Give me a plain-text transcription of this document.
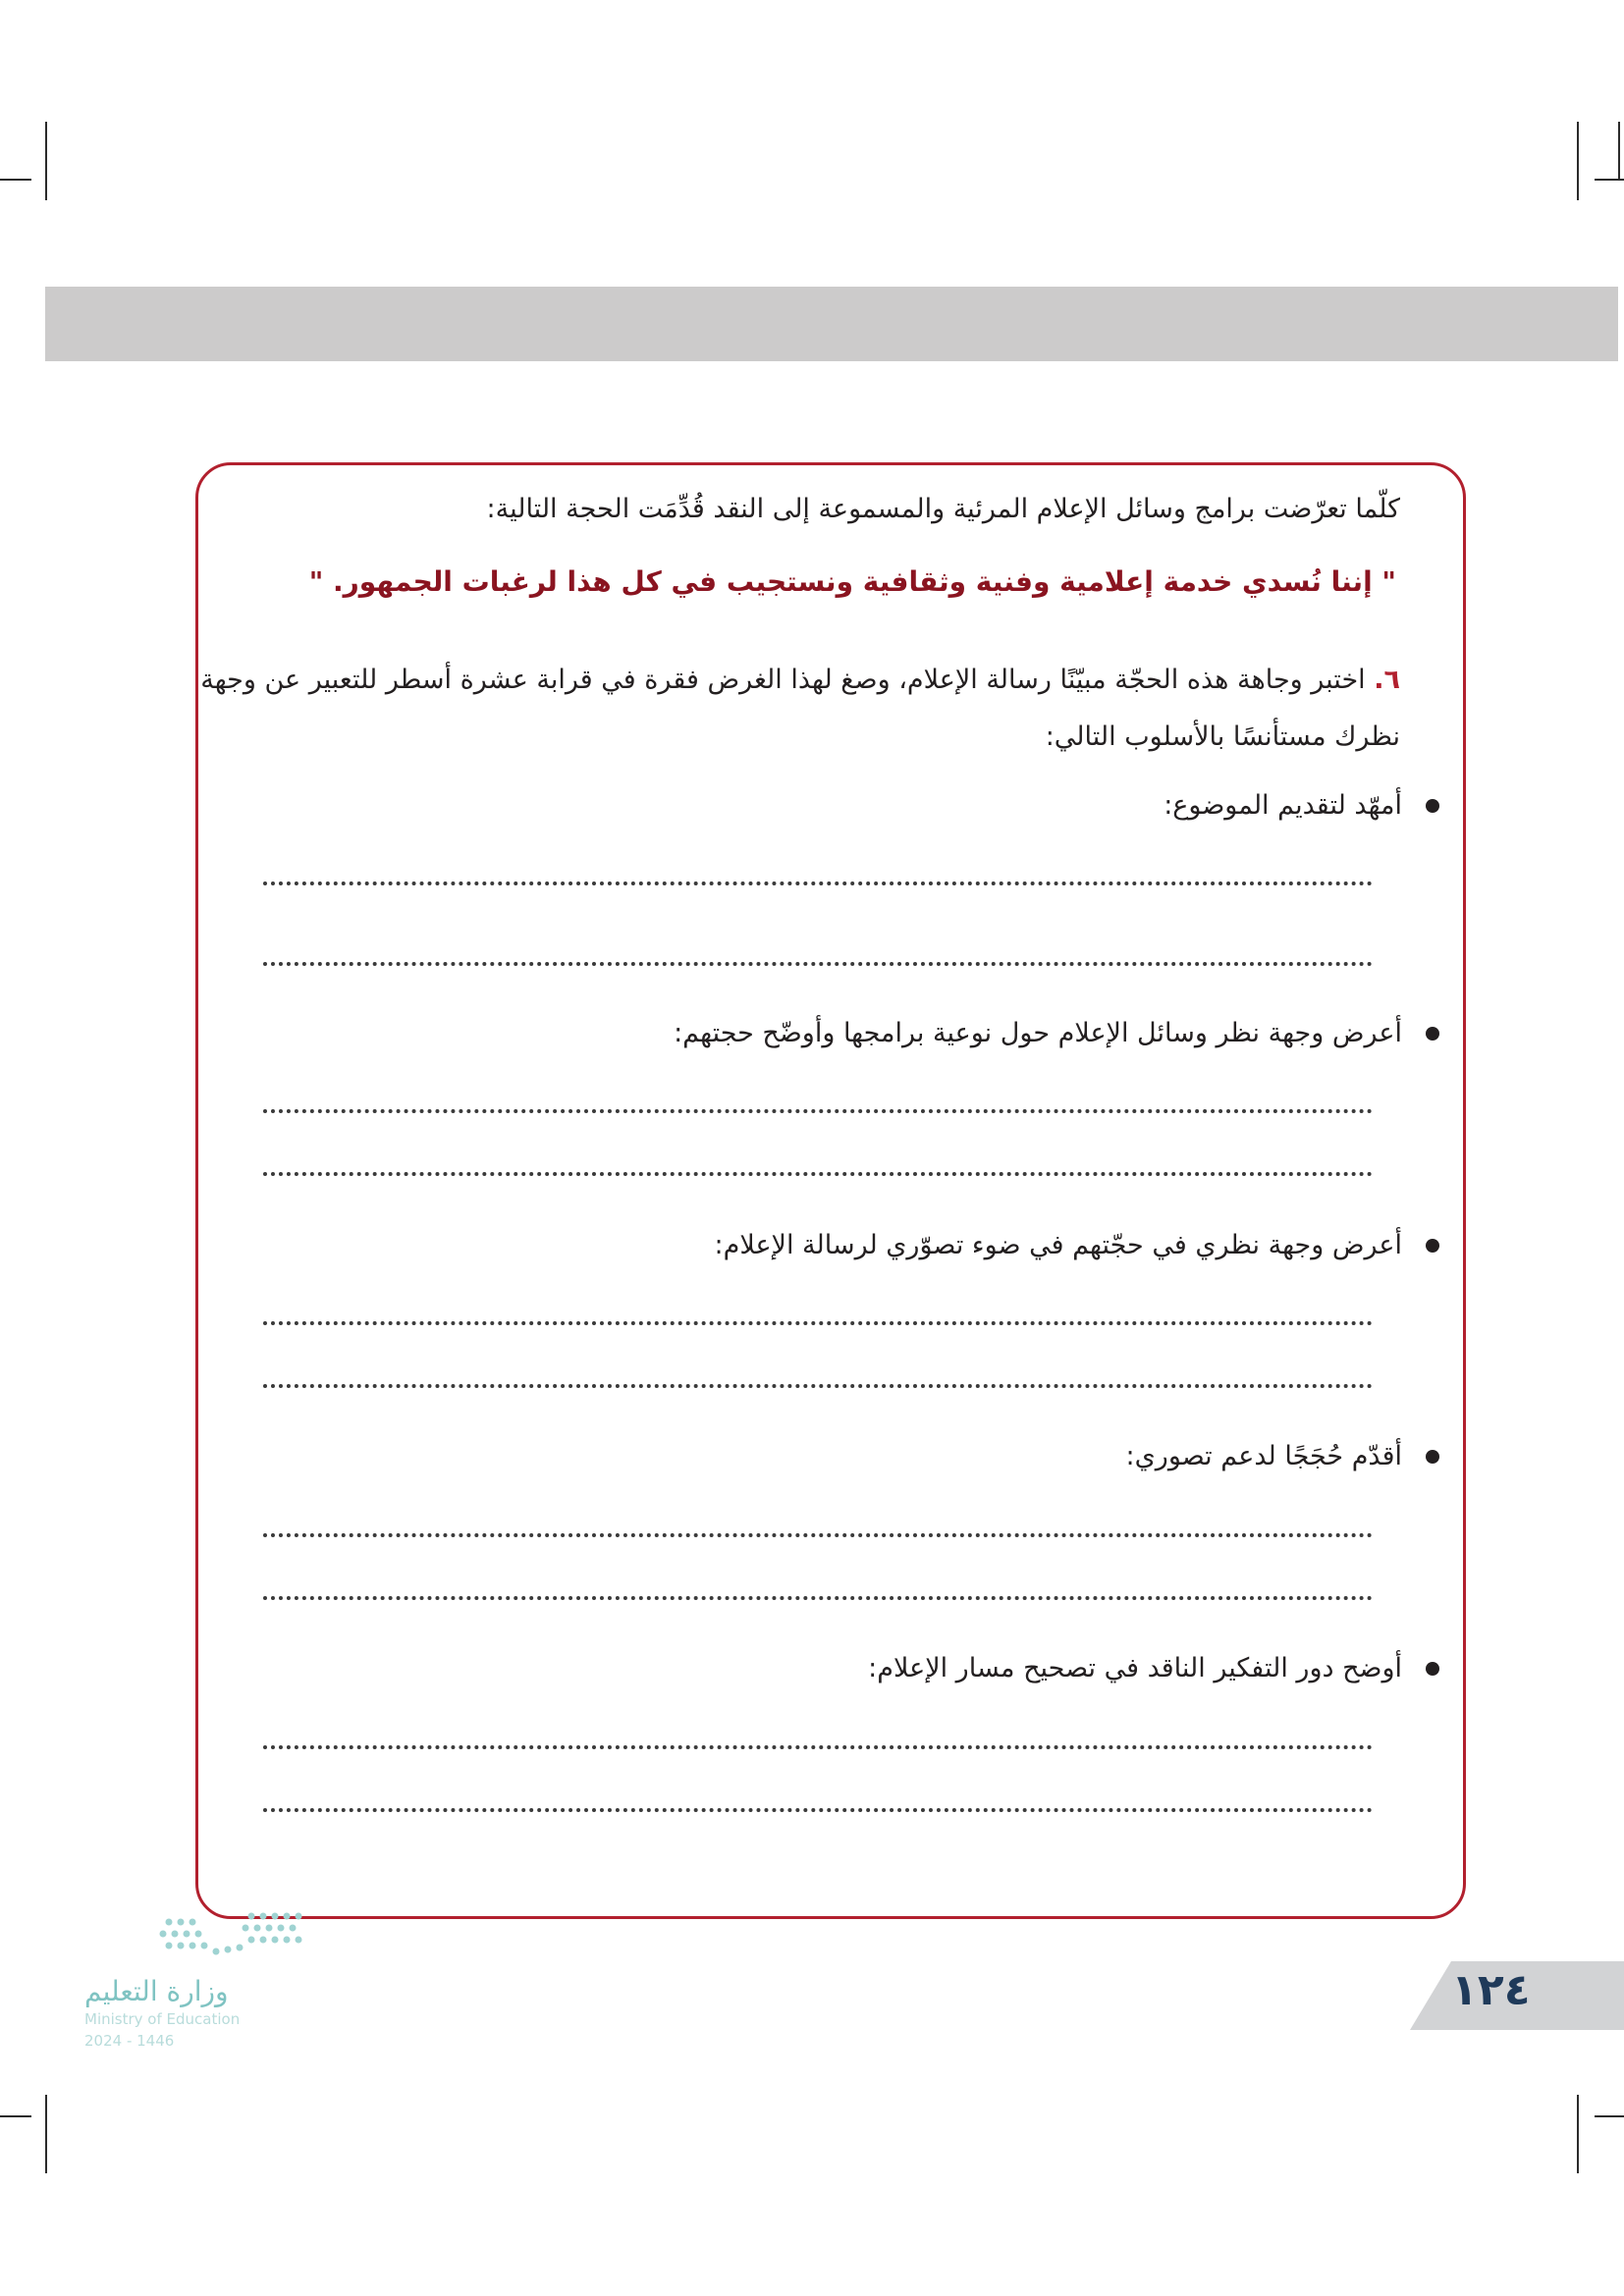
كلّما تعرّضت برامج وسائل الإعلام المرئية والمسموعة إلى النقد قُدِّمَت الحجة التالية:
" إننا نُسدي خدمة إعلامية وفنية وثقافية ونستجيب في كل هذا لرغبات الجمهور. "
٦. اختبر وجاهة هذه الحجّة مبيّنًا رسالة الإعلام، وصغ لهذا الغرض فقرة في قرابة عشرة أسطر للتعبير عن وجهة نظرك مستأنسًا بالأسلوب التالي:
أمهّد لتقديم الموضوع:
أعرض وجهة نظر وسائل الإعلام حول نوعية برامجها وأوضّح حجتهم:
أعرض وجهة نظري في حجّتهم في ضوء تصوّري لرسالة الإعلام:
أقدّم حُجَجًا لدعم تصوري:
أوضح دور التفكير الناقد في تصحيح مسار الإعلام:
١٢٤
وزارة التعليم
Ministry of Education
2024 - 1446
